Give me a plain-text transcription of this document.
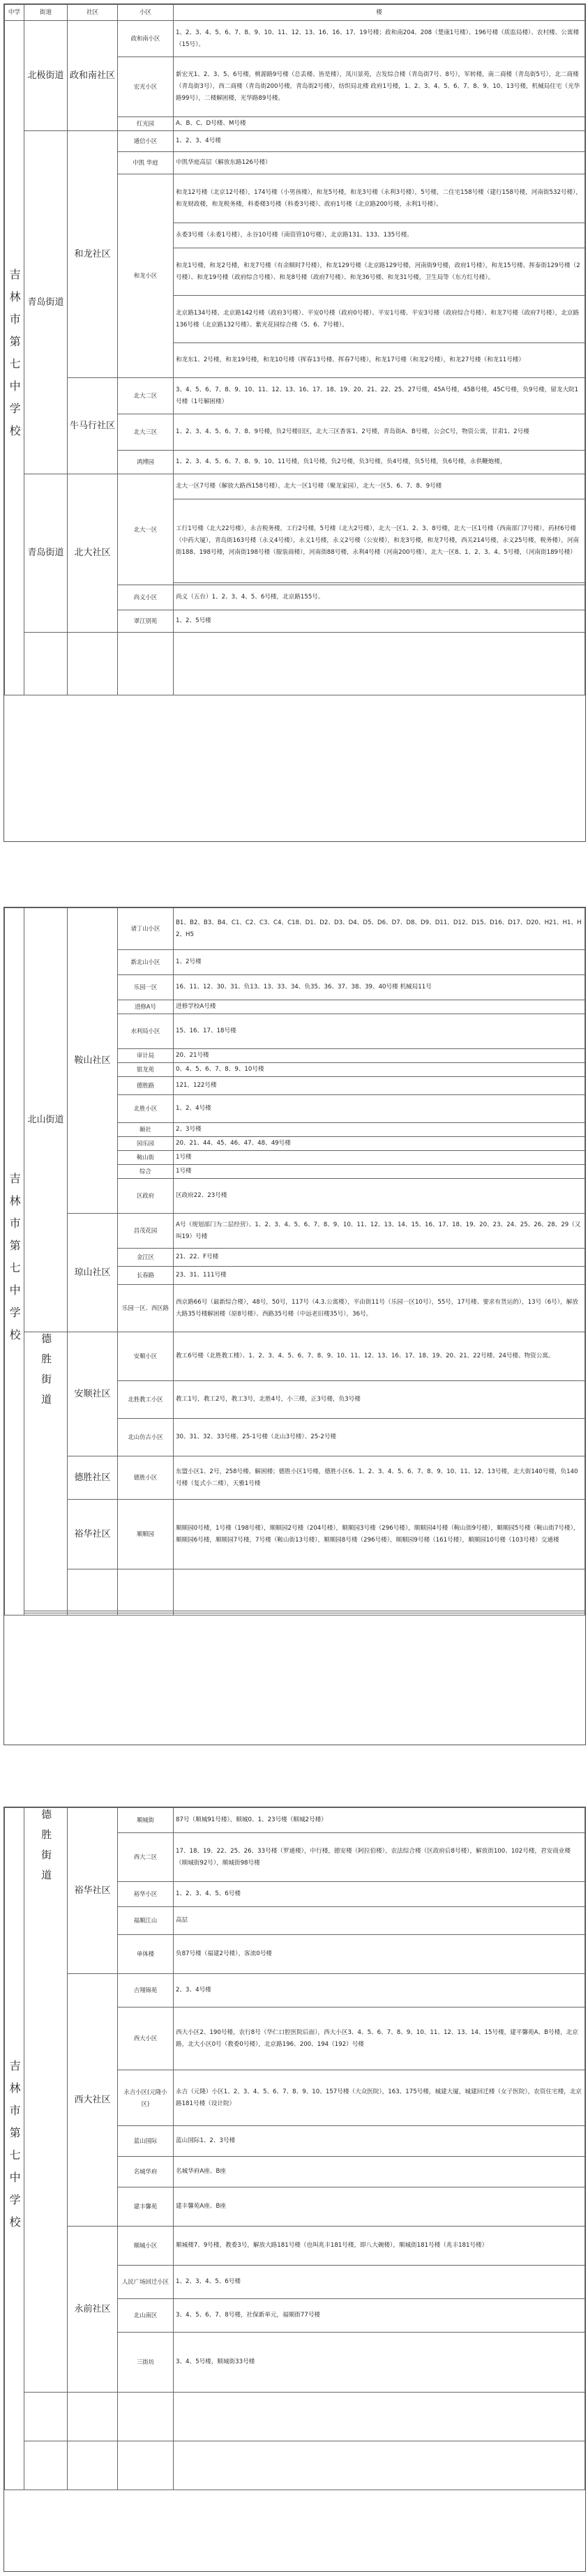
中学	街道	社区	小区	楼
吉林市第七中学校	北极街道	政和南社区	政和南小区	1、2、3、4、5、6、7、8、9、10、11、12、13、16、16、17、19号楼；政和南204、208（楚康1号楼）、196号楼（质监局楼）、农村楼、公寓楼（15号）。
			宏光小区	新宏光1、2、3、5、6号楼，桃源路9号楼（总丢楼、皆是楼），凤川景苑，吉发综合楼（青岛街7号、8号），军转楼，南二商楼（青岛街5号），北二商楼（青岛街3号），西二商楼（青岛街200号楼，青岛街2号楼），纺织局北楼 政府1号楼，1、2、3、4、5、6、7、8、9、10、13号楼，机械局住宅（光华路99号），二楼解困楼，光华路89号楼。
			红光园	A、B、C、D号楼、M号楼
	青岛街道	和龙社区	通信小区	1、2、3、4号楼
			中凯 华庭	中凯华庭高层（解放东路126号楼）
			和龙小区	和龙12号楼（北京12号楼），174号楼（小男孩楼），和龙5号楼，和龙3号楼（永利3号楼），5号楼，二住宅158号楼（建行158号楼，河南街532号楼），和龙财政楼，和龙税务楼，科委楼3号楼（科委3号楼）、政府1号楼（北京路200号楼，永利1号楼）。
				永委3号楼（永委1号楼），永谷10号楼（南资管10号楼），北京路131、133、135号楼。
				和龙1号楼，和龙2号楼，和龙7号楼（有余顺时7号楼），和龙129号楼（北京路129号楼，河南街9号楼，政府1号楼），和龙15号楼、挥泰街129号楼（2号楼）、和龙19号楼（政府综合号楼）、和龙8号楼（政府7号楼）、和龙36号楼、和龙31号楼，卫生局等（东方红号楼）。
				北京路134号楼、北京路142号楼（政府3号楼）、平安0号楼（政府0号楼）、平安1号楼、平安3号楼（政府综合号楼）、和龙7号楼（政府7号楼），北京路136号楼（北京路132号楼）、紫光花园综合楼（5、6、7号楼）。
				和龙东1、2号楼，和龙19号楼，和龙10号楼（挥春13号楼、挥春7号楼），和龙17号楼（和龙2号楼），和龙27号楼（和龙11号楼）
		牛马行社区	北大二区	3、4、5、6、7、8、9、10、11、12、13、16、17、18、19、20、21、22、25、27号楼，45A号楼，45B号楼，45C号楼，负9号楼，留龙大院1号楼（1号解困楼）
			北大三区	1、2、3、4、5、6、7、8、9号楼，负2号楼旧区，北大三区香客1、2号楼，青岛街A、B号楼，公会C号，物资公寓，甘肃1、2号楼
			鸿博园	1、2、3、4、5、6、7、8、9、10、11号楼，负1号楼，负2号楼，负3号楼，负4号楼，负5号楼，负6号楼，永供鞭炮楼，
	青岛街道	北大社区	北大一区	北大一区7号楼（解放大路西158号楼），北大一区1号楼（聚龙家园），北大一区5、6、7、8、9号楼
				工行1号楼（北大22号楼），永吉税务楼，工行2号楼，5号楼（北大2号楼），北大一区1、2、3、8号楼，北大一区1号楼（西南部门7号楼），药材6号楼（中药大厦），青岛街163号楼（永义4号楼），永义1号楼，永义2号楼（公安楼），和龙3号楼，和龙7号楼，西关214号楼，永义25号楼，税务楼），河南街188、198号楼，河南街198号楼（服装商楼），河南街88号楼，永利4号楼（河南200号楼），北大一区8、1、2、3、4、5号楼，（河南街189号楼）

			尚义小区	尚义（五台）1、2、3、4、5、6号楼，北京路155号。
			翠江别苑	1、2、5号楼

吉林市第七中学校	北山街道	鞍山社区	诸丁山小区	B1、B2、B3、B4、C1、C2、C3、C4、C18、D1、D2、D3、D4、D5、D6、D7、D8、D9、D11、D12、D15、D16、D17、D20、H21、H1、H2、H5
			新北山小区	1、2号楼
			乐园一区	16、11、12、30、31、负13、13、33、34、负35、36、37、38、39、40号楼 机械局11号
			进修A号	进修学校A号楼
			水利局小区	15、16、17、18号楼
			审计局	20、21号楼
			银龙苑	0、4、5、6、7、8、9、10号楼
			德胜路	121、122号楼
			北胜小区	1、2、4号楼
			颐社	2、3号楼
			园乐园	20、21、44、45、46、47、48、49号楼
			鞍山街	1号楼
			综合	1号楼
			区政府	区政府22、23号楼
		琼山社区	昌茂花园	A号（规划部门为二层经营）、1、2、3、4、5、6、7、8、9、10、11、12、13、14、15、16、17、18、19、20、23、24、25、26、28、29（又叫19）号楼
			金江区	21、22、F号楼
			长春路	23、31、111号楼
			乐园一区、西区路	西京路66号（最新综合楼），48号，50号，117号（4.3.公寓楼），平由街11号（乐园一区10号），55号，17号楼、要求有货运的），13号（6号），解放大路35号楼解困楼（原8号楼）、西路35号楼（中远老旧楼35号），36号。
	德胜街道	安顺社区	安顺小区	教工6号楼（北胜教工楼）、1、2、3、4、5、6、7、8、9、10、11、12、13、16、17、18、19、20、21、22号楼、24号楼、物资公寓。
			北胜教工小区	教工1号，教工2号，教工3号，北胜4号，小三楼，正3号楼，负3号楼
			北山仿古小区	30、31、32、33号楼、25-1号楼（北山3号楼）、25-2号楼
		德胜社区	德胜小区	东盟小区1、2号，258号楼、解困楼；德胜小区1号楼，德胜小区6、1、2、3、4、5、6、7、8、9、10、11、12、13号楼，北大街140号楼，负140号楼（复式小二楼），天雅1号楼
		裕华社区	顺顺园	顺顺园0号楼，1号楼（198号楼），顺顺园2号楼（204号楼），顺顺园3号楼（296号楼），顺顺园4号楼（鞍山街9号楼），顺顺园5号楼（鞍山街7号楼），顺顺园6号楼，顺顺园7号楼，7号楼（鞍山街13号楼），顺顺园8号楼（296号楼），顺顺园9号楼（161号楼），顺顺园10号楼（103号楼）交通楼

吉林市第七中学校	德胜街道	裕华社区	顺城街	87号（顺城91号楼），顺城0、1、23号楼（顺城2号楼）
			西大二区	17、18、19、22、25、26、33号楼（罗通楼），中行楼，德安楼（阿拉伯楼），农法综合楼（区政府后8号楼），解放街100、102号楼，君安商业楼（顺城街92号），顺城街98号楼
			裕华小区	1、2、3、4、5、6号楼
			福顺江山	高层
			单体楼	负87号楼（福建2号楼），客流0号楼
		西大社区	吉翔锦苑	2、3、4号楼
			西大小区	西大小区2、190号楼，农行8号（华仁口腔医院后面），西大小区3、4、5、6、7、8、9、10、11、12、13、14、15号楼，建平馨苑A、B号楼，北京路，北大小区0号（教委0号楼），北京路196、200、194（192）号楼
			永吉小区(元隆小区)	永吉（元隆）小区1、2、3、4、5、6、7、8、9、10、157号楼（大众医院），163、175号楼，城建大厦，城建回迁楼（女子医院），农资住宅楼，北京路181号楼（设计院）
			蓝山国际	蓝山国际1、2、3号楼
			名城华府	名城华府A座、B座
			建丰馨苑	建丰馨苑A座、B座
		永前社区	顺城小区	顺城楼7、9号楼，教委3号，解放大路181号楼（也叫兆丰181号楼，即八大碗楼），顺城街181号楼（兆丰181号楼）
			人民广场回迁小区	1、2、3、4、5、6号楼
			北山南区	3、4、5、6、7、8号楼，社保新单元，福顺街77号楼
			三街坊	3、4、5号楼，顺城街33号楼
